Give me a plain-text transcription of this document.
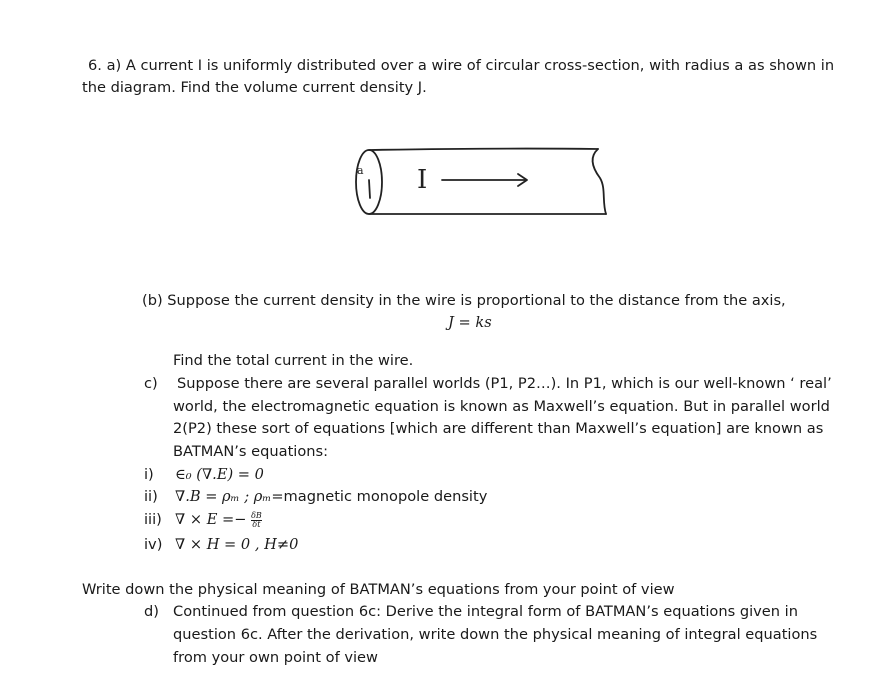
6. a) A current I is uniformly distributed over a wire of circular cross-section, with radius a as shown in
the diagram. Find the volume current density J.
a I
(b) Suppose the current density in the wire is proportional to the distance from the axis,
J = ks
Find the total current in the wire.
c) Suppose there are several parallel worlds (P1, P2…). In P1, which is our well-known ‘ real’
world, the electromagnetic equation is known as Maxwell’s equation. But in parallel world
2(P2) these sort of equations [which are different than Maxwell’s equation] are known as
BATMAN’s equations:
i) ∈₀ (∇.E) = 0
ii) ∇.B = ρₘ ; ρₘ=magnetic monopole density
iii) ∇ × $E =- \frac{\delta B}{\delta t}$
iv) ∇ × H = 0 , H≠0
Write down the physical meaning of BATMAN’s equations from your point of view
d) Continued from question 6c: Derive the integral form of BATMAN’s equations given in
question 6c. After the derivation, write down the physical meaning of integral equations
from your own point of view
